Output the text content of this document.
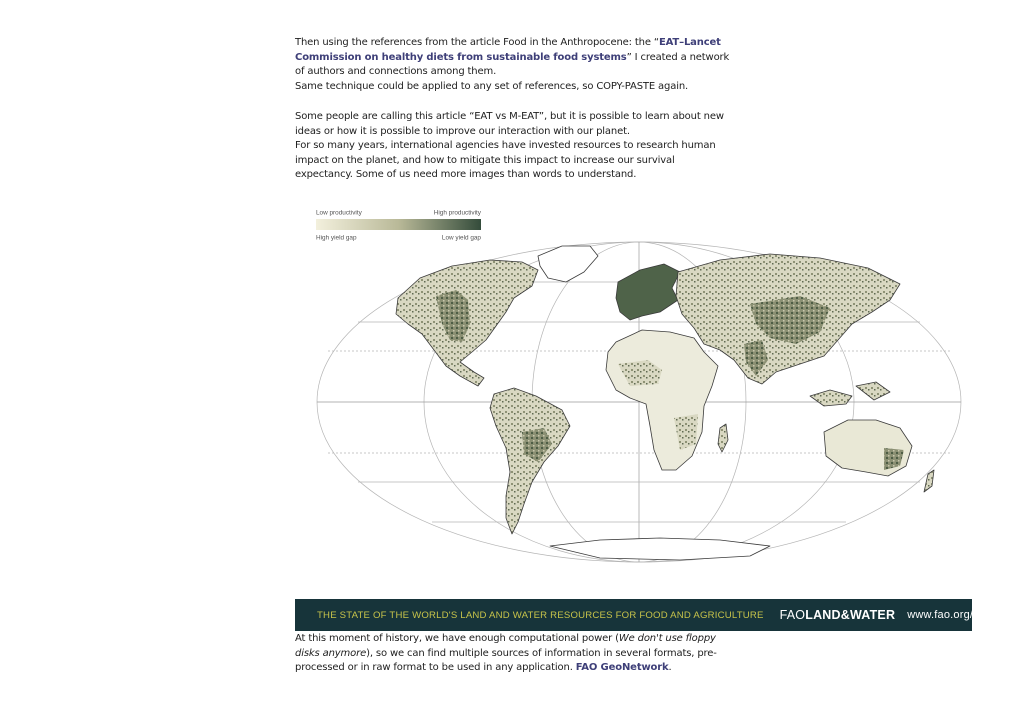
Then using the references from the article Food in the Anthropocene: the “EAT–Lancet Commission on healthy diets from sustainable food systems” I created a network of authors and connections among them.

Same technique could be applied to any set of references, so COPY-PASTE again.

Some people are calling this article “EAT vs M-EAT”, but it is possible to learn about new ideas or how it is possible to improve our interaction with our planet.

For so many years, international agencies have invested resources to research human impact on the planet, and how to mitigate this impact to increase our survival expectancy. Some of us need more images than words to understand.

Low productivity	High productivity
High yield gap	Low yield gap
THE STATE OF THE WORLD'S LAND AND WATER RESOURCES FOR FOOD AND AGRICULTURE FAOLAND&WATER www.fao.org/nr/solaw

At this moment of history, we have enough computational power (We don't use floppy disks anymore), so we can find multiple sources of information in several formats, pre-processed or in raw format to be used in any application. FAO GeoNetwork.
